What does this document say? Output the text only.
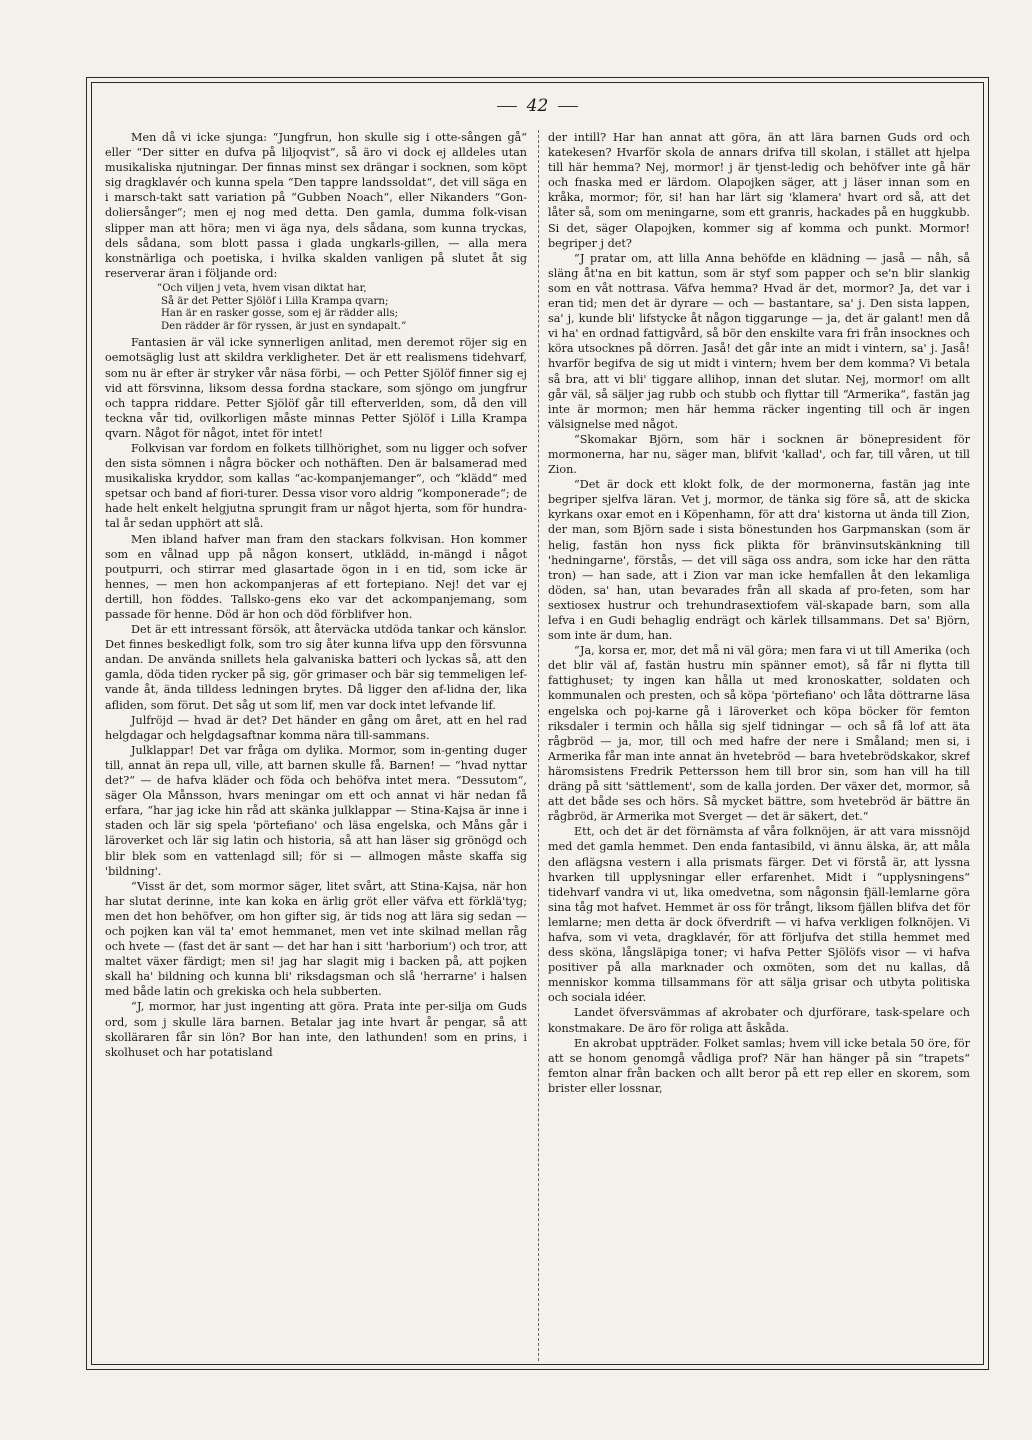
42

Men då vi icke sjunga: “Jungfrun, hon skulle sig i otte-sången gå“ eller “Der sitter en dufva på liljoqvist“, så äro vi dock ej alldeles utan musikaliska njutningar. Der finnas minst sex drängar i socknen, som köpt sig dragklavér och kunna spela “Den tappre landssoldat“, det vill säga en i marsch-takt satt variation på “Gubben Noach“, eller Nikanders “Gon-doliersånger“; men ej nog med detta. Den gamla, dumma folk-visan slipper man att höra; men vi äga nya, dels sådana, som kunna tryckas, dels sådana, som blott passa i glada ungkarls-gillen, — alla mera konstnärliga och poetiska, i hvilka skalden vanligen på slutet åt sig reserverar äran i följande ord:

”Och viljen j veta, hvem visan diktat har,
Så är det Petter Sjölöf i Lilla Krampa qvarn;
Han är en rasker gosse, som ej är rädder alls;
Den rädder är för ryssen, är just en syndapalt.”

Fantasien är väl icke synnerligen anlitad, men deremot röjer sig en oemotsäglig lust att skildra verkligheter. Det är ett realismens tidehvarf, som nu är efter är stryker vår näsa förbi, — och Petter Sjölöf finner sig ej vid att försvinna, liksom dessa fordna stackare, som sjöngo om jungfrur och tappra riddare. Petter Sjölöf går till efterverlden, som, då den vill teckna vår tid, ovilkorligen måste minnas Petter Sjölöf i Lilla Krampa qvarn. Något för något, intet för intet!

Folkvisan var fordom en folkets tillhörighet, som nu ligger och sofver den sista sömnen i några böcker och nothäften. Den är balsamerad med musikaliska kryddor, som kallas “ac-kompanjemanger“, och “klädd“ med spetsar och band af fiori-turer. Dessa visor voro aldrig “komponerade“; de hade helt enkelt helgjutna sprungit fram ur något hjerta, som för hundra-tal år sedan upphört att slå.

Men ibland hafver man fram den stackars folkvisan. Hon kommer som en vålnad upp på någon konsert, utklädd, in-mängd i något poutpurri, och stirrar med glasartade ögon in i en tid, som icke är hennes, — men hon ackompanjeras af ett fortepiano. Nej! det var ej dertill, hon föddes. Tallsko-gens eko var det ackompanjemang, som passade för henne. Död är hon och död förblifver hon.

Det är ett intressant försök, att återväcka utdöda tankar och känslor. Det finnes beskedligt folk, som tro sig åter kunna lifva upp den försvunna andan. De använda snillets hela galvaniska batteri och lyckas så, att den gamla, döda tiden rycker på sig, gör grimaser och bär sig temmeligen lef-vande åt, ända tilldess ledningen brytes. Då ligger den af-lidna der, lika afliden, som förut. Det såg ut som lif, men var dock intet lefvande lif.

Julfröjd — hvad är det? Det händer en gång om året, att en hel rad helgdagar och helgdagsaftnar komma nära till-sammans.

Julklappar! Det var fråga om dylika. Mormor, som in-genting duger till, annat än repa ull, ville, att barnen skulle få. Barnen! — “hvad nyttar det?“ — de hafva kläder och föda och behöfva intet mera. “Dessutom“, säger Ola Månsson, hvars meningar om ett och annat vi här nedan få erfara, “har jag icke hin råd att skänka julklappar — Stina-Kajsa är inne i staden och lär sig spela 'pörtefiano' och läsa engelska, och Måns går i läroverket och lär sig latin och historia, så att han läser sig grönögd och blir blek som en vattenlagd sill; för si — allmogen måste skaffa sig 'bildning'.

“Visst är det, som mormor säger, litet svårt, att Stina-Kajsa, när hon har slutat derinne, inte kan koka en ärlig gröt eller väfva ett förklä'tyg; men det hon behöfver, om hon gifter sig, är tids nog att lära sig sedan — och pojken kan väl ta' emot hemmanet, men vet inte skilnad mellan råg och hvete — (fast det är sant — det har han i sitt 'harborium') och tror, att maltet växer färdigt; men si! jag har slagit mig i backen på, att pojken skall ha' bildning och kunna bli' riksdagsman och slå 'herrarne' i halsen med både latin och grekiska och hela subberten.

“J, mormor, har just ingenting att göra. Prata inte per-silja om Guds ord, som j skulle lära barnen. Betalar jag inte hvart år pengar, så att skolläraren får sin lön? Bor han inte, den lathunden! som en prins, i skolhuset och har potatisland

der intill? Har han annat att göra, än att lära barnen Guds ord och katekesen? Hvarför skola de annars drifva till skolan, i stället att hjelpa till här hemma? Nej, mormor! j är tjenst-ledig och behöfver inte gå här och fnaska med er lärdom. Olapojken säger, att j läser innan som en kråka, mormor; för, si! han har lärt sig 'klamera' hvart ord så, att det låter så, som om meningarne, som ett granris, hackades på en huggkubb. Si det, säger Olapojken, kommer sig af komma och punkt. Mormor! begriper j det?

“J pratar om, att lilla Anna behöfde en klädning — jaså — nåh, så släng åt'na en bit kattun, som är styf som papper och se'n blir slankig som en våt nottrasa. Väfva hemma? Hvad är det, mormor? Ja, det var i eran tid; men det är dyrare — och — bastantare, sa' j. Den sista lappen, sa' j, kunde bli' lifstycke åt någon tiggarunge — ja, det är galant! men då vi ha' en ordnad fattigvård, så bör den enskilte vara fri från insocknes och köra utsocknes på dörren. Jaså! det går inte an midt i vintern, sa' j. Jaså! hvarför begifva de sig ut midt i vintern; hvem ber dem komma? Vi betala så bra, att vi bli' tiggare allihop, innan det slutar. Nej, mormor! om allt går väl, så säljer jag rubb och stubb och flyttar till “Armerika“, fastän jag inte är mormon; men här hemma räcker ingenting till och är ingen välsignelse med något.

“Skomakar Björn, som här i socknen är bönepresident för mormonerna, har nu, säger man, blifvit 'kallad', och far, till våren, ut till Zion.

“Det är dock ett klokt folk, de der mormonerna, fastän jag inte begriper sjelfva läran. Vet j, mormor, de tänka sig före så, att de skicka kyrkans oxar emot en i Köpenhamn, för att dra' kistorna ut ända till Zion, der man, som Björn sade i sista bönestunden hos Garpmanskan (som är helig, fastän hon nyss fick plikta för bränvinsutskänkning till 'hedningarne', förstås, — det vill säga oss andra, som icke har den rätta tron) — han sade, att i Zion var man icke hemfallen åt den lekamliga döden, sa' han, utan bevarades från all skada af pro-feten, som har sextiosex hustrur och trehundrasextiofem väl-skapade barn, som alla lefva i en Gudi behaglig endrägt och kärlek tillsammans. Det sa' Björn, som inte är dum, han.

“Ja, korsa er, mor, det må ni väl göra; men fara vi ut till Amerika (och det blir väl af, fastän hustru min spänner emot), så får ni flytta till fattighuset; ty ingen kan hålla ut med kronoskatter, soldaten och kommunalen och presten, och så köpa 'pörtefiano' och låta döttrarne läsa engelska och poj-karne gå i läroverket och köpa böcker för femton riksdaler i termin och hålla sig sjelf tidningar — och så få lof att äta rågbröd — ja, mor, till och med hafre der nere i Småland; men si, i Armerika får man inte annat än hvetebröd — bara hvetebrödskakor, skref häromsistens Fredrik Pettersson hem till bror sin, som han vill ha till dräng på sitt 'sättlement', som de kalla jorden. Der växer det, mormor, så att det både ses och hörs. Så mycket bättre, som hvetebröd är bättre än rågbröd, är Armerika mot Sverget — det är säkert, det.“

Ett, och det är det förnämsta af våra folknöjen, är att vara missnöjd med det gamla hemmet. Den enda fantasibild, vi ännu älska, är, att måla den aflägsna vestern i alla prismats färger. Det vi förstå är, att lyssna hvarken till upplysningar eller erfarenhet. Midt i “upplysningens“ tidehvarf vandra vi ut, lika omedvetna, som någonsin fjäll-lemlarne göra sina tåg mot hafvet. Hemmet är oss för trångt, liksom fjällen blifva det för lemlarne; men detta är dock öfverdrift — vi hafva verkligen folknöjen. Vi hafva, som vi veta, dragklavér, för att förljufva det stilla hemmet med dess sköna, långsläpiga toner; vi hafva Petter Sjölöfs visor — vi hafva positiver på alla marknader och oxmöten, som det nu kallas, då menniskor komma tillsammans för att sälja grisar och utbyta politiska och sociala idéer.

Landet öfversvämmas af akrobater och djurförare, task-spelare och konstmakare. De äro för roliga att åskåda.

En akrobat uppträder. Folket samlas; hvem vill icke betala 50 öre, för att se honom genomgå vådliga prof? När han hänger på sin “trapets“ femton alnar från backen och allt beror på ett rep eller en skorem, som brister eller lossnar,
